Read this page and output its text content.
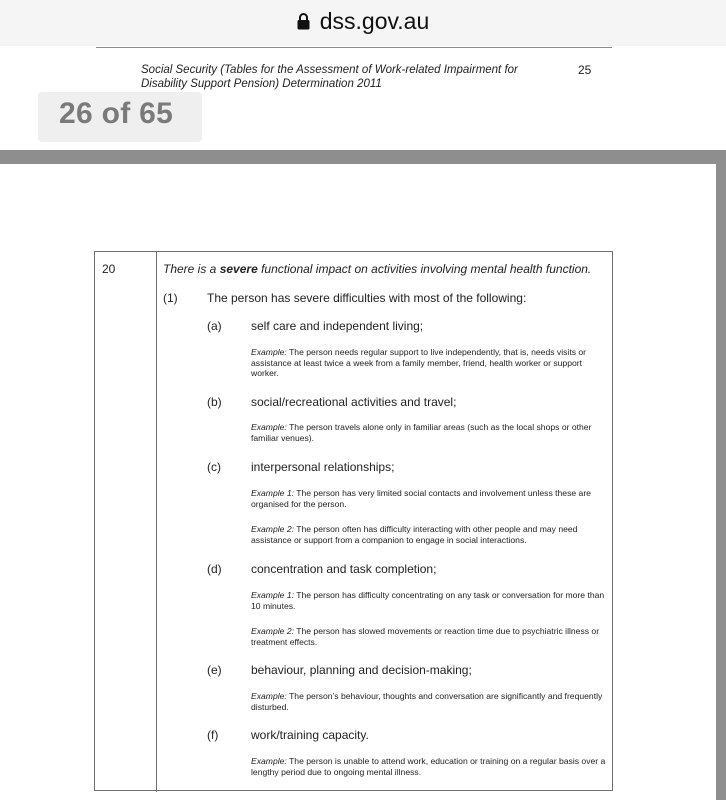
dss.gov.au
Social Security (Tables for the Assessment of Work-related Impairment for Disability Support Pension) Determination 2011
25
26 of 65
20	There is a severe functional impact on activities involving mental health function.
(1) The person has severe difficulties with most of the following:
(a) self care and independent living;
Example: The person needs regular support to live independently, that is, needs visits or assistance at least twice a week from a family member, friend, health worker or support worker.
(b) social/recreational activities and travel;
Example: The person travels alone only in familiar areas (such as the local shops or other familiar venues).
(c)	interpersonal relationships;
Example 1: The person has very limited social contacts and involvement unless these are organised for the person.
Example 2: The person often has difficulty interacting with other people and may need assistance or support from a companion to engage in social interactions.
(d) concentration and task completion;
Example 1: The person has difficulty concentrating on any task or conversation for more than 10 minutes.
Example 2: The person has slowed movements or reaction time due to psychiatric illness or treatment effects.
(e) behaviour, planning and decision-making;
Example: The person’s behaviour, thoughts and conversation are significantly and frequently disturbed.
(f)	work/training capacity.
Example: The person is unable to attend work, education or training on a regular basis over a lengthy period due to ongoing mental illness.
